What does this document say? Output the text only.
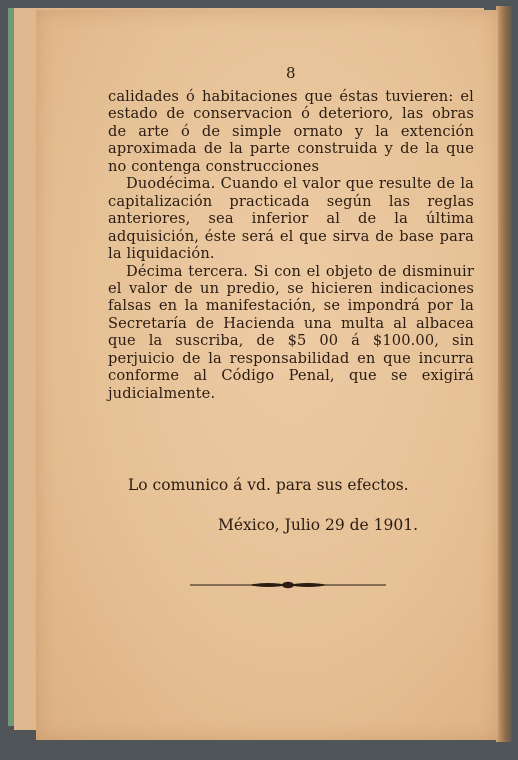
8

calidades ó habitaciones que éstas tuvieren: el estado de conservacion ó deterioro, las obras de arte ó de simple ornato y la extención aproximada de la parte construida y de la que no contenga construcciones

Duodécima. Cuando el valor que resulte de la capitalización practicada según las reglas anteriores, sea inferior al de la última adquisición, éste será el que sirva de base para la liquidación.

Décima tercera. Si con el objeto de disminuir el valor de un predio, se hicieren indicaciones falsas en la manifestación, se impondrá por la Secretaría de Hacienda una multa al albacea que la suscriba, de $5 00 á $100.00, sin perjuicio de la responsabilidad en que incurra conforme al Código Penal, que se exigirá judicialmente.

Lo comunico á vd. para sus efectos.
México, Julio 29 de 1901.
